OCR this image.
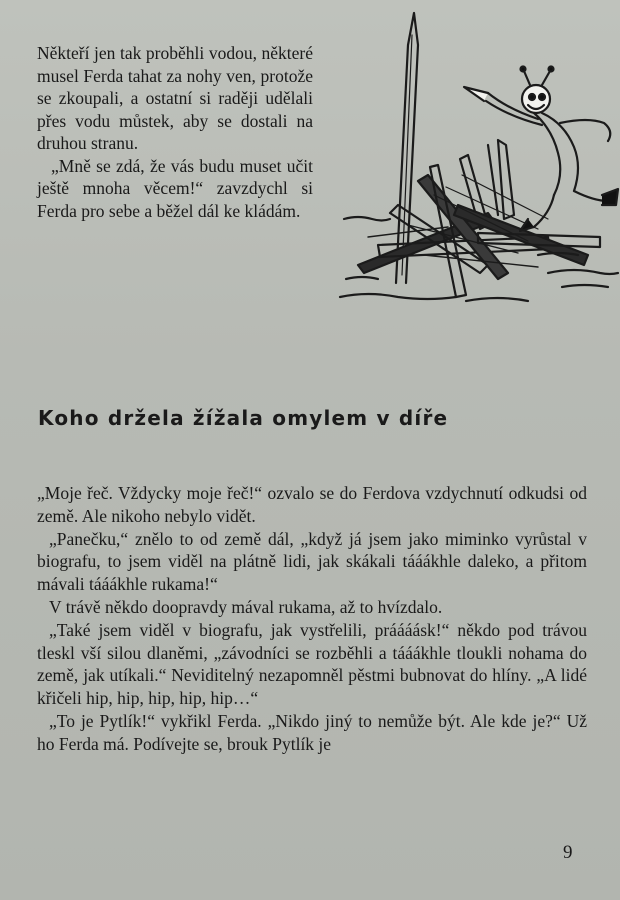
Někteří jen tak proběhli vodou, některé musel Ferda tahat za nohy ven, protože se zkoupali, a ostatní si raději udělali přes vodu můstek, aby se dostali na druhou stranu.

„Mně se zdá, že vás budu muset učit ještě mnoha věcem!“ zavzdychl si Ferda pro sebe a běžel dál ke kládám.

Koho držela žížala omylem v díře

„Moje řeč. Vždycky moje řeč!“ ozvalo se do Ferdova vzdychnutí odkudsi od země. Ale nikoho nebylo vidět.

„Panečku,“ znělo to od země dál, „když já jsem jako miminko vyrůstal v biografu, to jsem viděl na plátně lidi, jak skákali tááákhle daleko, a přitom mávali tááákhle rukama!“

V trávě někdo doopravdy mával rukama, až to hvízdalo.

„Také jsem viděl v biografu, jak vystřelili, práááásk!“ někdo pod trávou tleskl vší silou dlaněmi, „závodníci se rozběhli a tááákhle tloukli nohama do země, jak utíkali.“ Neviditelný nezapomněl pěstmi bubnovat do hlíny. „A lidé křičeli hip, hip, hip, hip, hip…“

„To je Pytlík!“ vykřikl Ferda. „Nikdo jiný to nemůže být. Ale kde je?“ Už ho Ferda má. Podívejte se, brouk Pytlík je

9
